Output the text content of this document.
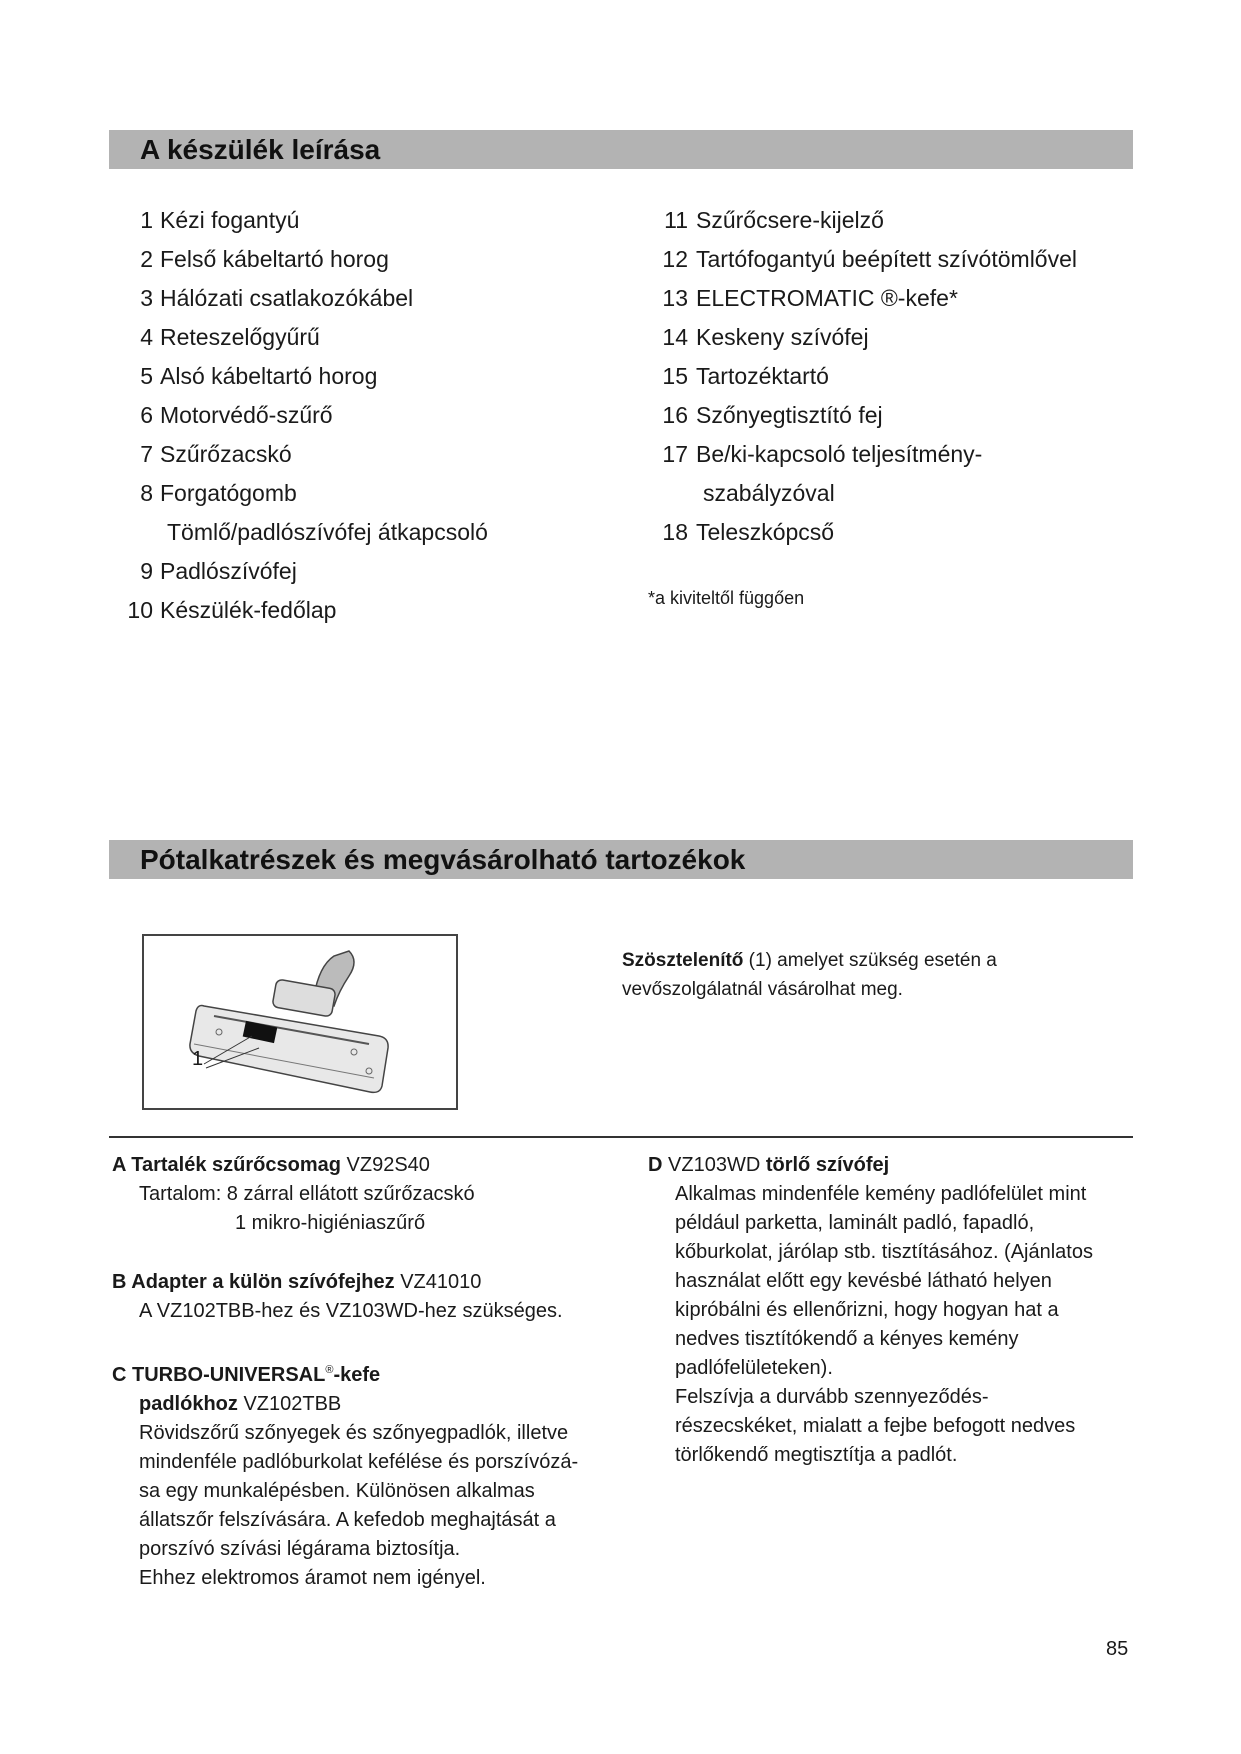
A készülék leírása
1 Kézi fogantyú
2 Felső kábeltartó horog
3 Hálózati csatlakozókábel
4 Reteszelőgyűrű
5 Alsó kábeltartó horog
6 Motorvédő-szűrő
7 Szűrőzacskó
8 Forgatógomb
Tömlő/padlószívófej átkapcsoló
9 Padlószívófej
10 Készülék-fedőlap
11 Szűrőcsere-kijelző
12 Tartófogantyú beépített szívótömlővel
13 ELECTROMATIC ®-kefe*
14 Keskeny szívófej
15 Tartozéktartó
16 Szőnyegtisztító fej
17 Be/ki-kapcsoló teljesítmény-
szabályzóval
18 Teleszkópcső
*a kiviteltől függően
Pótalkatrészek és megvásárolható tartozékok
1
Szösztelenítő (1) amelyet szükség esetén a vevőszolgálatnál vásárolhat meg.
A Tartalék szűrőcsomag VZ92S40
Tartalom: 8 zárral ellátott szűrőzacskó
1 mikro-higiéniaszűrő
B Adapter a külön szívófejhez VZ41010
A VZ102TBB-hez és VZ103WD-hez szükséges.
C TURBO-UNIVERSAL®-kefe
padlókhoz VZ102TBB
Rövidszőrű szőnyegek és szőnyegpadlók, illetve
mindenféle padlóburkolat kefélése és porszívózá-
sa egy munkalépésben. Különösen alkalmas
állatszőr felszívására. A kefedob meghajtását a
porszívó szívási légárama biztosítja.
Ehhez elektromos áramot nem igényel.
D VZ103WD törlő szívófej
Alkalmas mindenféle kemény padlófelület mint
például parketta, laminált padló, fapadló,
kőburkolat, járólap stb. tisztításához. (Ajánlatos
használat előtt egy kevésbé látható helyen
kipróbálni és ellenőrizni, hogy hogyan hat a
nedves tisztítókendő a kényes kemény
padlófelületeken).
Felszívja a durvább szennyeződés-
részecskéket, mialatt a fejbe befogott nedves
törlőkendő megtisztítja a padlót.
85
